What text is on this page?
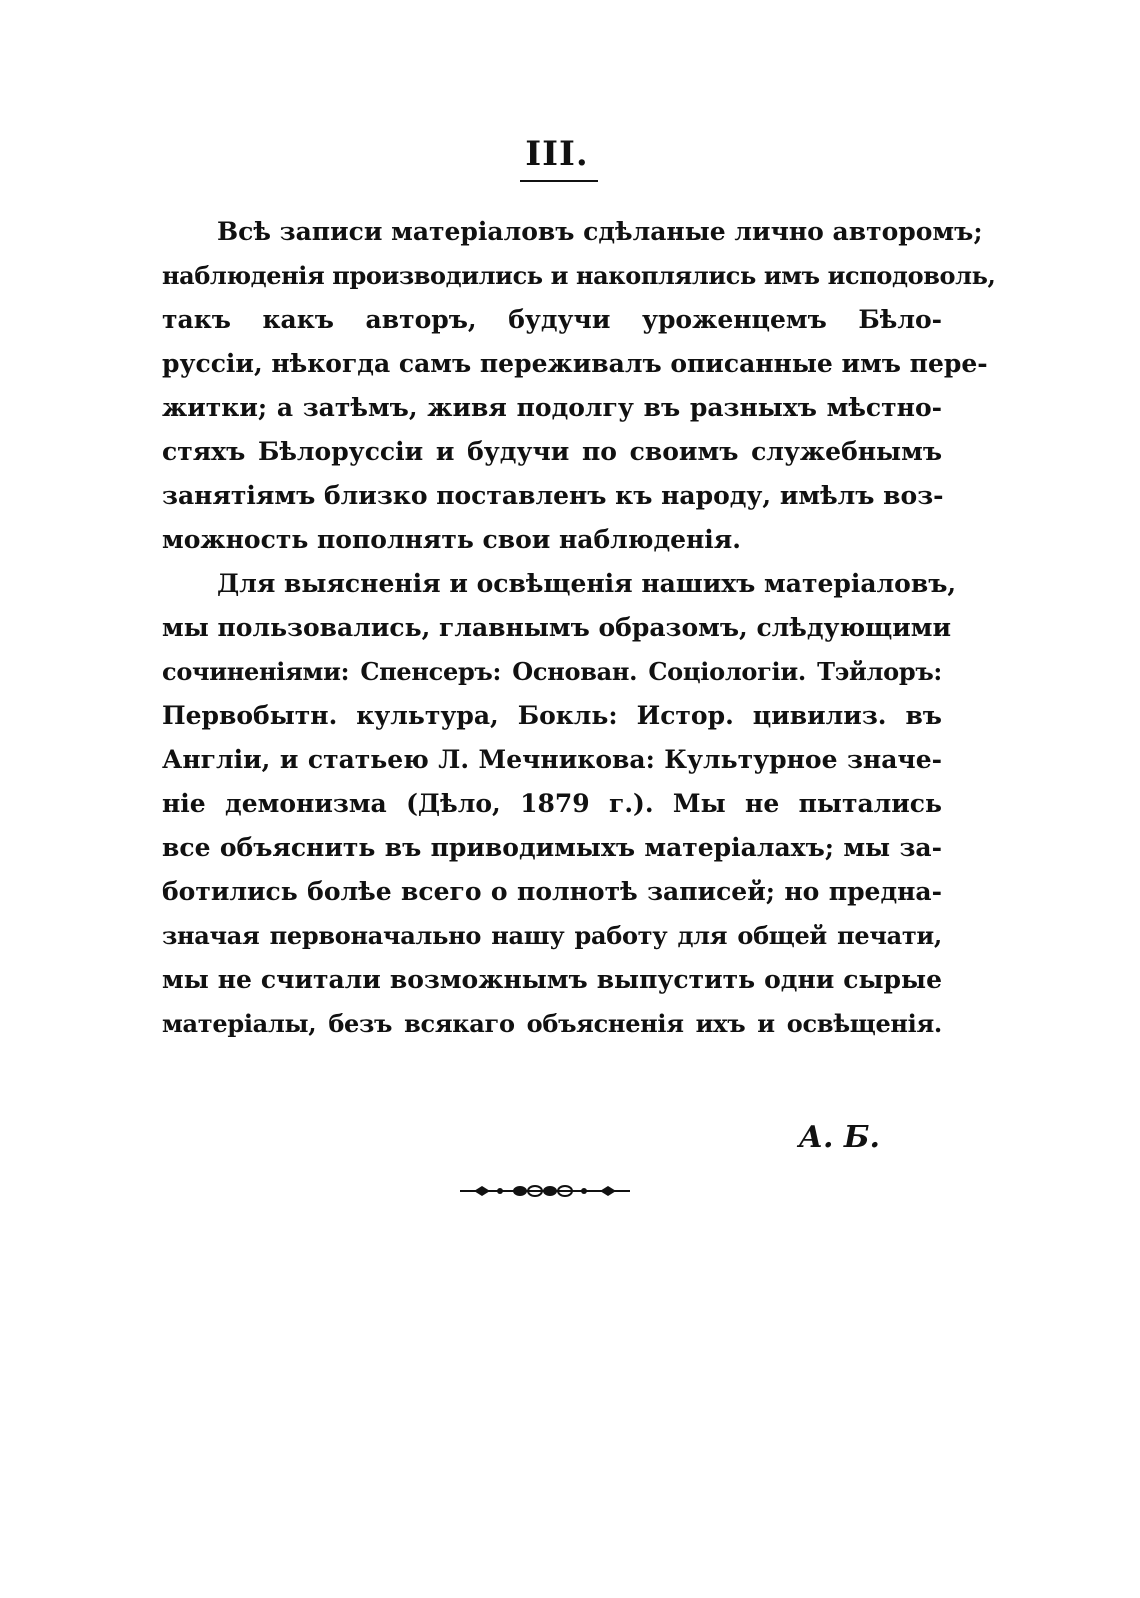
III.
Всѣ записи матеріаловъ сдѣланые лично авторомъ;
наблюденія производились и накоплялись имъ исподоволь,
такъ какъ авторъ, будучи уроженцемъ Бѣло-
руссіи, нѣкогда самъ переживалъ описанные имъ пере-
житки; а затѣмъ, живя подолгу въ разныхъ мѣстно-
стяхъ Бѣлоруссіи и будучи по своимъ служебнымъ
занятіямъ близко поставленъ къ народу, имѣлъ воз-
можность пополнять свои наблюденія.
Для выясненія и освѣщенія нашихъ матеріаловъ,
мы пользовались, главнымъ образомъ, слѣдующими
сочиненіями: Спенсеръ: Основан. Соціологіи. Тэйлоръ:
Первобытн. культура, Бокль: Истор. цивилиз. въ
Англіи, и статьею Л. Мечникова: Культурное значе-
ніе демонизма (Дѣло, 1879 г.). Мы не пытались
все объяснить въ приводимыхъ матеріалахъ; мы за-
ботились болѣе всего о полнотѣ записей; но предна-
значая первоначально нашу работу для общей печати,
мы не считали возможнымъ выпустить одни сырые
матеріалы, безъ всякаго объясненія ихъ и освѣщенія.
А. Б.
